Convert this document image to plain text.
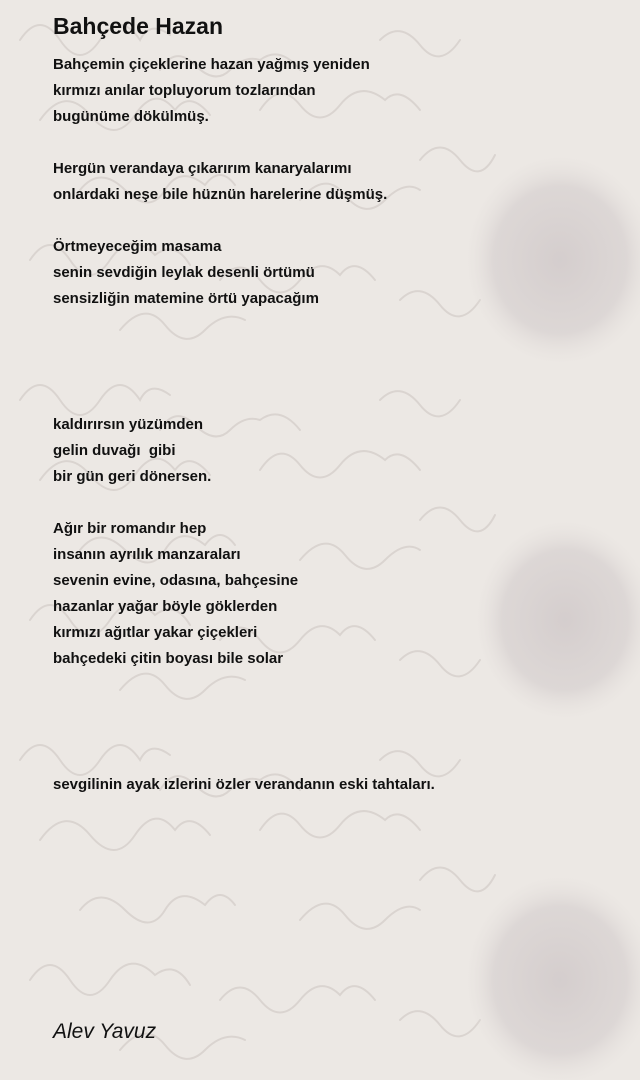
Bahçede Hazan
Bahçemin çiçeklerine hazan yağmış yeniden
kırmızı anılar topluyorum tozlarından
bugünüme dökülmüş.
Hergün verandaya çıkarırım kanaryalarımı
onlardaki neşe bile hüznün harelerine düşmüş.
Örtmeyeceğim masama
senin sevdiğin leylak desenli örtümü
sensizliğin matemine örtü yapacağım
kaldırırsın yüzümden
gelin duvağı  gibi
bir gün geri dönersen.
Ağır bir romandır hep
insanın ayrılık manzaraları
sevenin evine, odasına, bahçesine
hazanlar yağar böyle göklerden
kırmızı ağıtlar yakar çiçekleri
bahçedeki çitin boyası bile solar
sevgilinin ayak izlerini özler verandanın eski tahtaları.
Alev Yavuz
